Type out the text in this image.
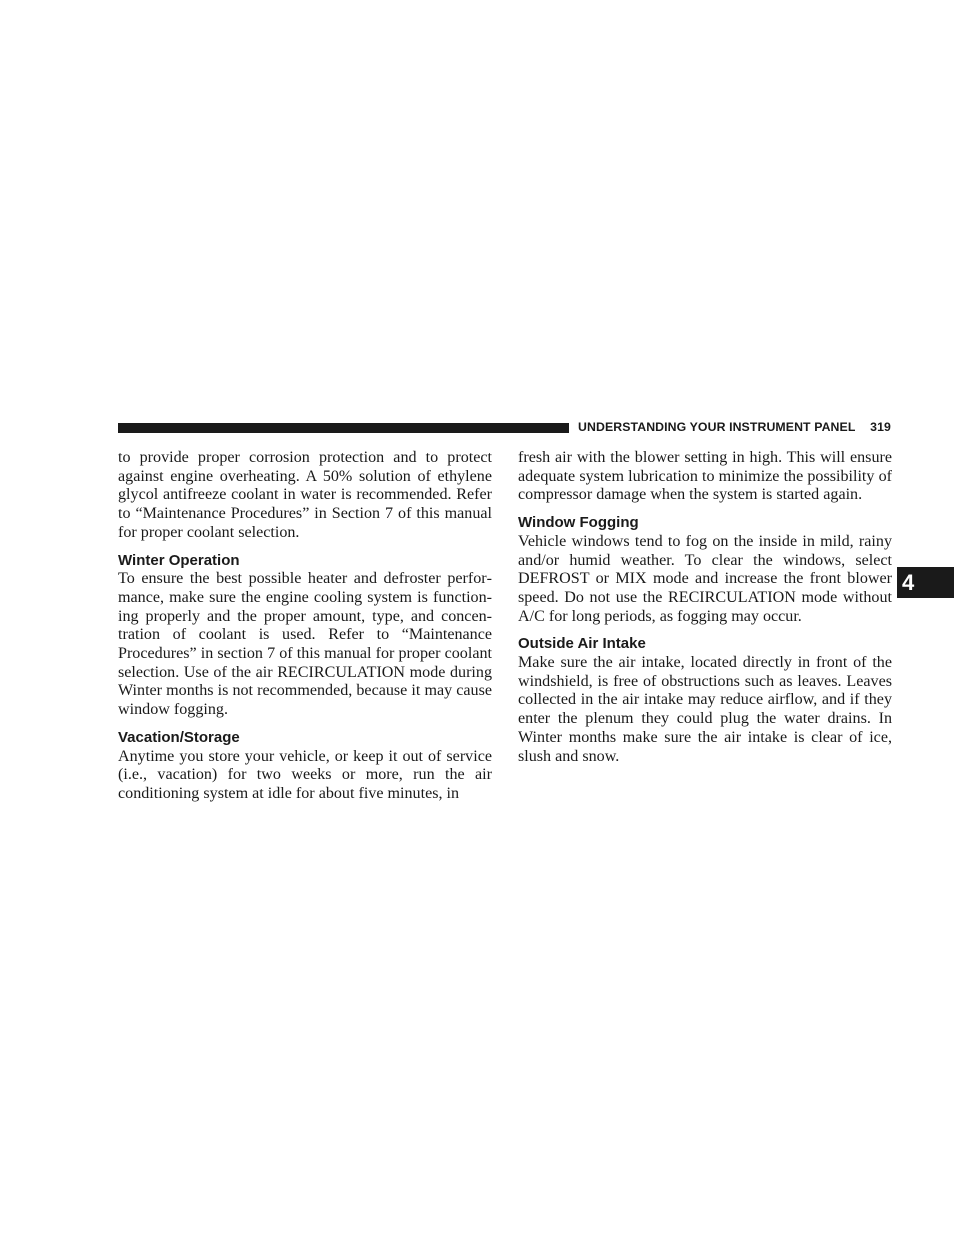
UNDERSTANDING YOUR INSTRUMENT PANEL 319

to provide proper corrosion protection and to protect against engine overheating. A 50% solution of ethylene glycol antifreeze coolant in water is recommended. Refer to “Maintenance Procedures” in Section 7 of this manual for proper coolant selection.

Winter Operation

To ensure the best possible heater and defroster performance, make sure the engine cooling system is functioning properly and the proper amount, type, and concentration of coolant is used. Refer to “Maintenance Procedures” in section 7 of this manual for proper coolant selection. Use of the air RECIRCULATION mode during Winter months is not recommended, because it may cause window fogging.

Vacation/Storage

Anytime you store your vehicle, or keep it out of service (i.e., vacation) for two weeks or more, run the air conditioning system at idle for about five minutes, in

fresh air with the blower setting in high. This will ensure adequate system lubrication to minimize the possibility of compressor damage when the system is started again.

Window Fogging

Vehicle windows tend to fog on the inside in mild, rainy and/or humid weather. To clear the windows, select DEFROST or MIX mode and increase the front blower speed. Do not use the RECIRCULATION mode without A/C for long periods, as fogging may occur.

Outside Air Intake

Make sure the air intake, located directly in front of the windshield, is free of obstructions such as leaves. Leaves collected in the air intake may reduce airflow, and if they enter the plenum they could plug the water drains. In Winter months make sure the air intake is clear of ice, slush and snow.

4
